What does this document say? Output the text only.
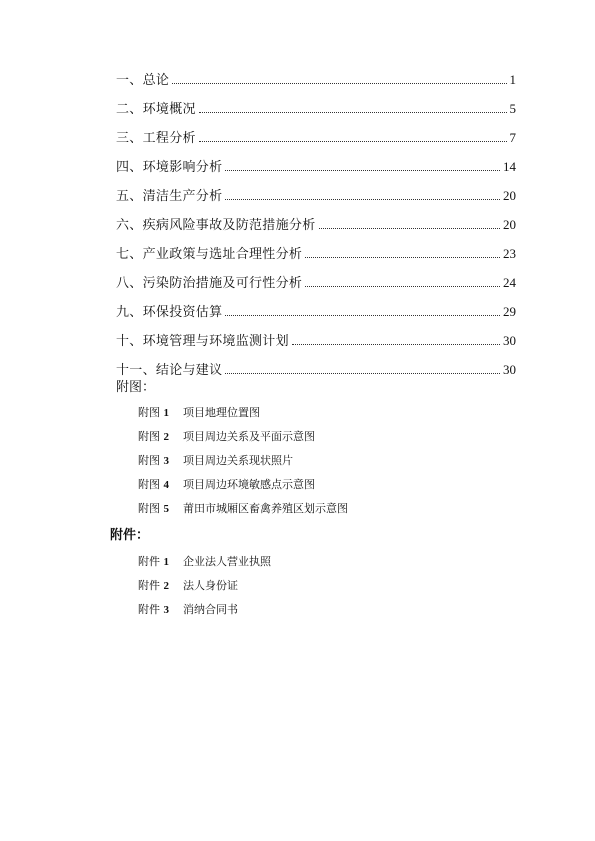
一、总论	1
二、环境概况	5
三、工程分析	7
四、环境影响分析	14
五、清洁生产分析	20
六、疾病风险事故及防范措施分析	20
七、产业政策与选址合理性分析	23
八、污染防治措施及可行性分析	24
九、环保投资估算	29
十、环境管理与环境监测计划	30
十一、结论与建议	30
附图：
附图 1	项目地理位置图
附图 2	项目周边关系及平面示意图
附图 3	项目周边关系现状照片
附图 4	项目周边环境敏感点示意图
附图 5	莆田市城厢区畜禽养殖区划示意图
附件：
附件 1	企业法人营业执照
附件 2	法人身份证
附件 3	消纳合同书
